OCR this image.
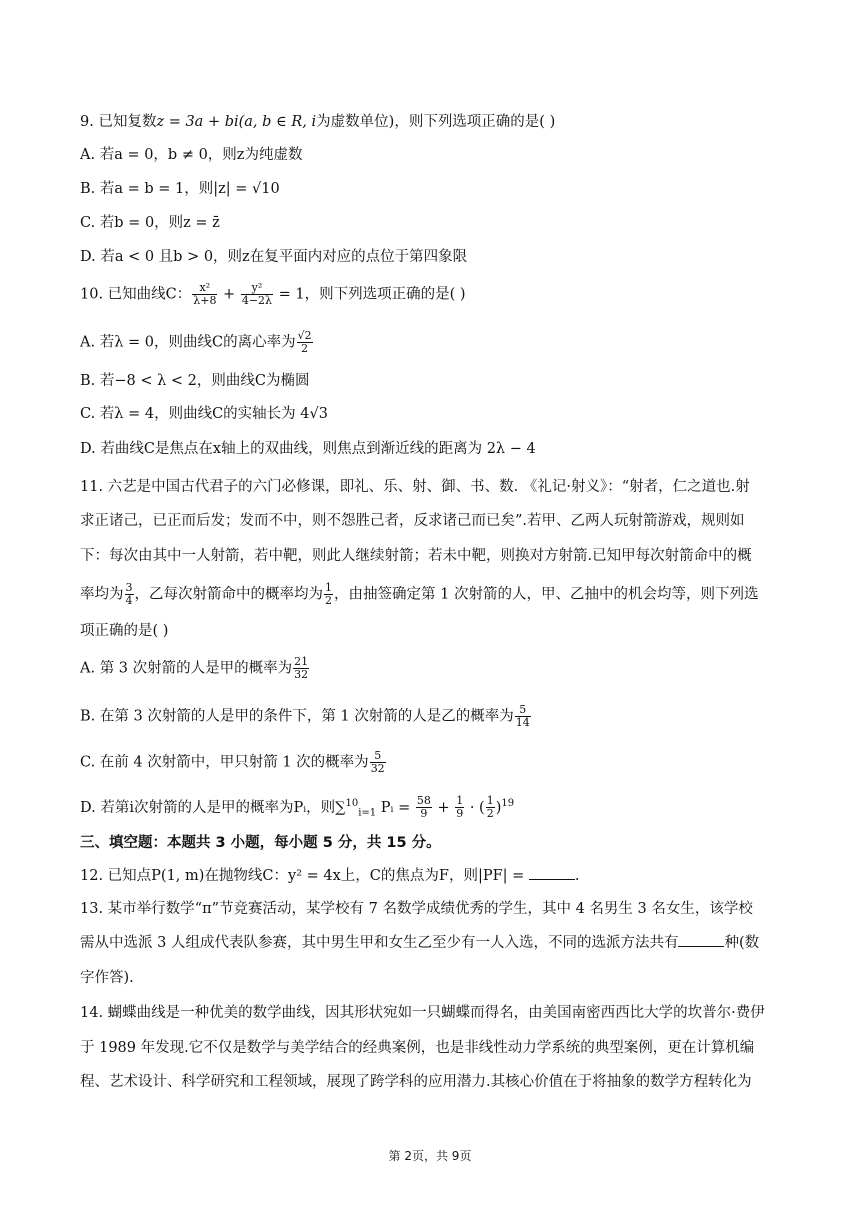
9. 已知复数z = 3a + bi(a, b ∈ R, i为虚数单位)，则下列选项正确的是( )
A. 若a = 0，b ≠ 0，则z为纯虚数
B. 若a = b = 1，则|z| = √10
C. 若b = 0，则z = z̄
D. 若a < 0 且b > 0，则z在复平面内对应的点位于第四象限
10. 已知曲线C： $\frac{\text{x²}}{\lambda+8} + \frac{\text{y²}}{4-2\lambda} = 1$，则下列选项正确的是( )
A. 若λ = 0，则曲线C的离心率为 $\frac{√2}{2}$
B. 若−8 < λ < 2，则曲线C为椭圆
C. 若λ = 4，则曲线C的实轴长为 4√3
D. 若曲线C是焦点在x轴上的双曲线，则焦点到渐近线的距离为 2λ − 4
11. 六艺是中国古代君子的六门必修课，即礼、乐、射、御、书、数. 《礼记·射义》：“射者，仁之道也.射
求正诸己，已正而后发；发而不中，则不怨胜己者，反求诸己而已矣”.若甲、乙两人玩射箭游戏，规则如
下：每次由其中一人射箭，若中靶，则此人继续射箭；若未中靶，则换对方射箭.已知甲每次射箭命中的概
率均为 $\frac{3}{4}$ ，乙每次射箭命中的概率均为 $\frac{1}{2}$ ，由抽签确定第 1 次射箭的人，甲、乙抽中的机会均等，则下列选
项正确的是( )
A. 第 3 次射箭的人是甲的概率为 $\frac{21}{32}$
B. 在第 3 次射箭的人是甲的条件下，第 1 次射箭的人是乙的概率为 $\frac{5}{14}$
C. 在前 4 次射箭中，甲只射箭 1 次的概率为 $\frac{5}{32}$
D. 若第i次射箭的人是甲的概率为Pᵢ，则∑$^{10}_{i=1}$ Pᵢ = $\frac{58}{9} + \frac{1}{9}$ · ( $\frac{1}{2} )^{19}$
三、填空题：本题共 3 小题，每小题 5 分，共 15 分。
12. 已知点P(1, m)在抛物线C：y² = 4x上，C的焦点为F，则|PF| =	.
13. 某市举行数学“π”节竞赛活动，某学校有 7 名数学成绩优秀的学生，其中 4 名男生 3 名女生，该学校
需从中选派 3 人组成代表队参赛，其中男生甲和女生乙至少有一人入选，不同的选派方法共有	种(数
字作答).
14. 蝴蝶曲线是一种优美的数学曲线，因其形状宛如一只蝴蝶而得名，由美国南密西西比大学的坎普尔·费伊
于 1989 年发现.它不仅是数学与美学结合的经典案例，也是非线性动力学系统的典型案例，更在计算机编
程、艺术设计、科学研究和工程领域，展现了跨学科的应用潜力.其核心价值在于将抽象的数学方程转化为
第 2页，共 9页
